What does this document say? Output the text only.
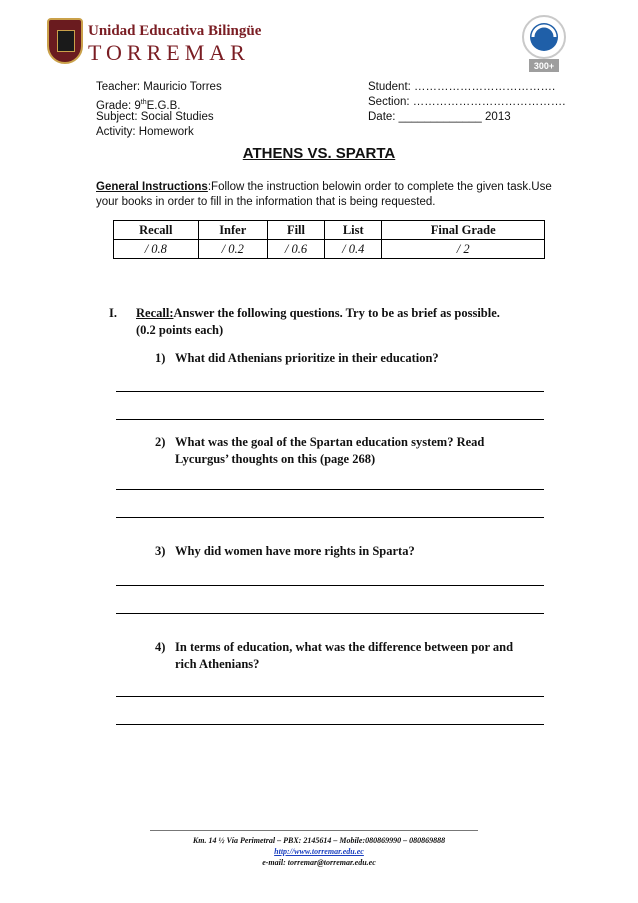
Unidad Educativa Bilingüe
TORREMAR
300+
Teacher: Mauricio Torres
Grade: 9thE.G.B.
Subject: Social Studies
Activity: Homework
Student: ……………………………….
Section: ………………………………….
Date: _____________ 2013
ATHENS VS. SPARTA
General Instructions:Follow the instruction belowin order to complete the given task.Use your books in order to fill in the information that is being requested.
Recall	Infer	Fill	List	Final Grade
/ 0.8	/ 0.2	/ 0.6	/ 0.4	/ 2
I. Recall:Answer the following questions. Try to be as brief as possible.(0.2 points each)
1) What did Athenians prioritize in their education?
2) What was the goal of the Spartan education system? Read Lycurgus’ thoughts on this (page 268)
3) Why did women have more rights in Sparta?
4) In terms of education, what was the difference between por and rich Athenians?
Km. 14 ½ Vía Perimetral – PBX: 2145614 – Mobile:080869990 – 080869888
http://www.torremar.edu.ec
e-mail: torremar@torremar.edu.ec
